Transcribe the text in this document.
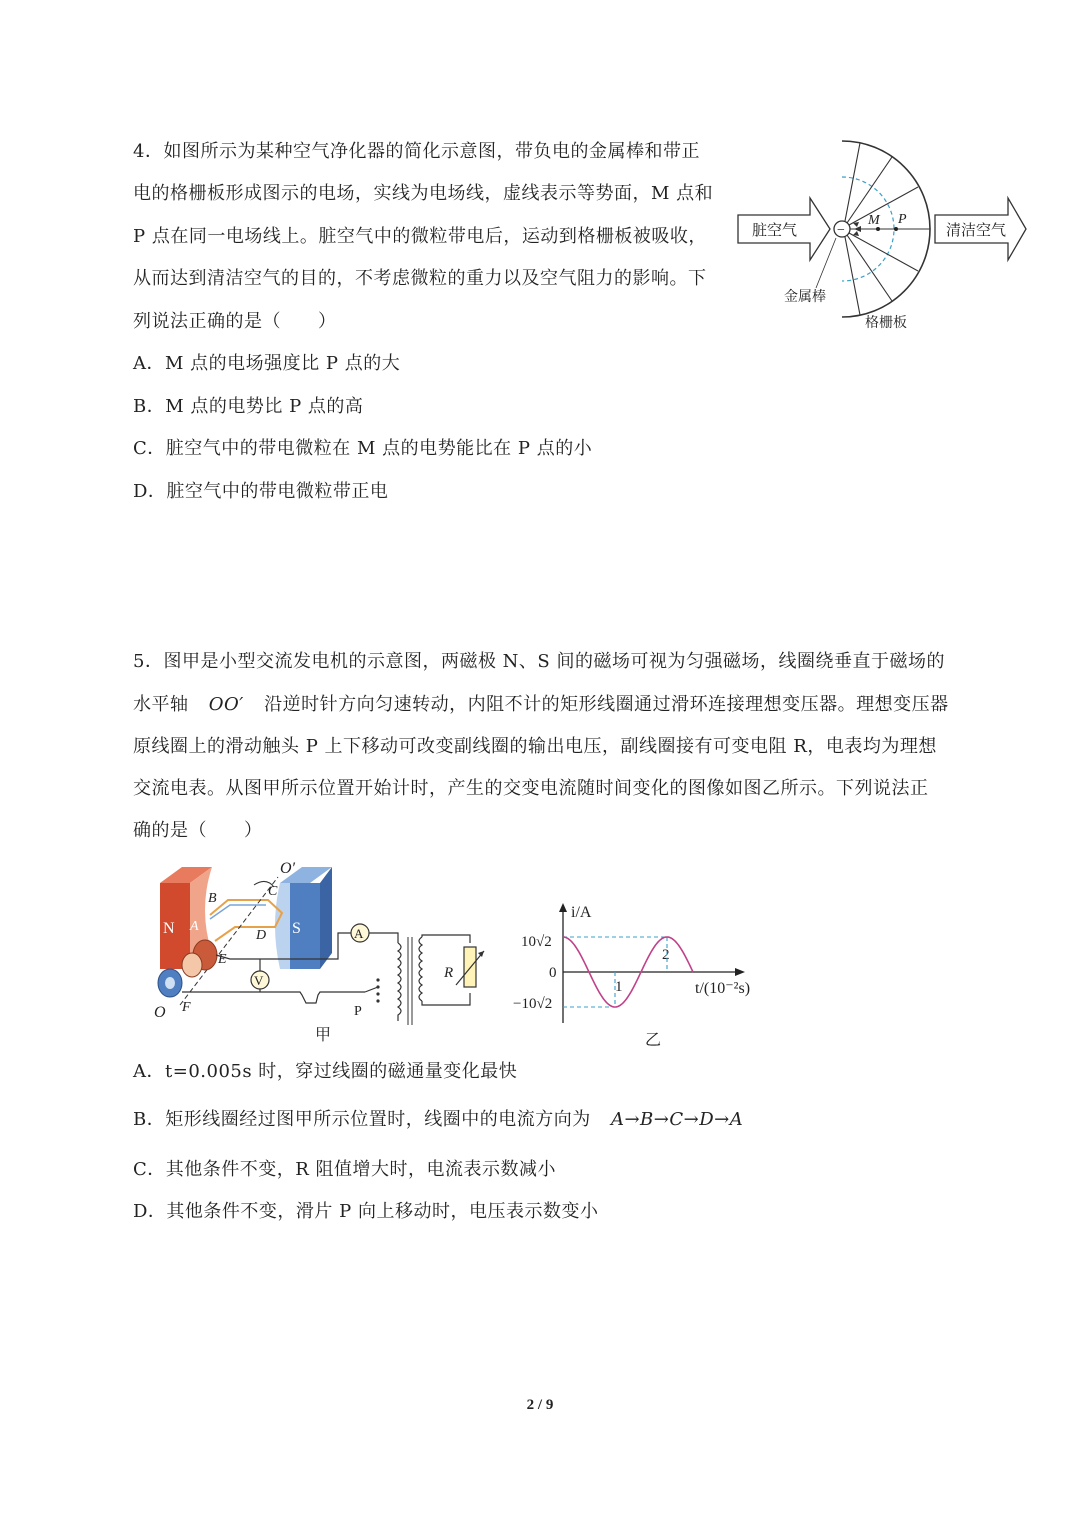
4．如图所示为某种空气净化器的简化示意图，带负电的金属棒和带正
电的格栅板形成图示的电场，实线为电场线，虚线表示等势面，M 点和
P 点在同一电场线上。脏空气中的微粒带电后，运动到格栅板被吸收，
从而达到清洁空气的目的，不考虑微粒的重力以及空气阻力的影响。下
列说法正确的是（　　）
A．M 点的电场强度比 P 点的大
B．M 点的电势比 P 点的高
C．脏空气中的带电微粒在 M 点的电势能比在 P 点的小
D．脏空气中的带电微粒带正电
脏空气	清洁空气
−
M P
金属棒
格栅板
5．图甲是小型交流发电机的示意图，两磁极 N、S 间的磁场可视为匀强磁场，线圈绕垂直于磁场的
水平轴 OO′ 沿逆时针方向匀速转动，内阻不计的矩形线圈通过滑环连接理想变压器。理想变压器
原线圈上的滑动触头 P 上下移动可改变副线圈的输出电压，副线圈接有可变电阻 R，电表均为理想
交流电表。从图甲所示位置开始计时，产生的交变电流随时间变化的图像如图乙所示。下列说法正
确的是（　　）
N	S
O′
B
A
C
D
E
F
O
A
V
P
R
甲
i/A
t/(10⁻²s)
10√2
0
−10√2
1
2
乙
A．t=0.005s 时，穿过线圈的磁通量变化最快
B．矩形线圈经过图甲所示位置时，线圈中的电流方向为 A→B→C→D→A
C．其他条件不变，R 阻值增大时，电流表示数减小
D．其他条件不变，滑片 P 向上移动时，电压表示数变小
2 / 9
